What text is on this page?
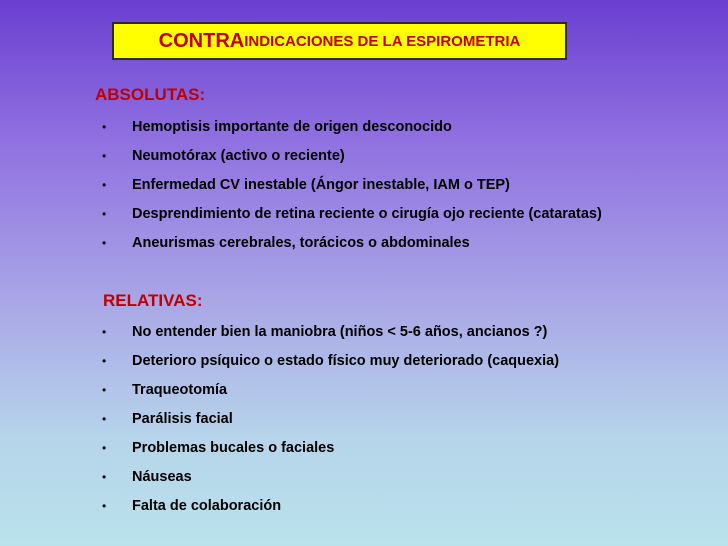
CONTRA INDICACIONES DE LA ESPIROMETRIA
ABSOLUTAS:
• Hemoptisis importante de origen desconocido
• Neumotórax (activo o reciente)
• Enfermedad CV inestable (Ángor inestable, IAM o TEP)
• Desprendimiento de retina reciente o cirugía ojo reciente (cataratas)
• Aneurismas cerebrales, torácicos o abdominales
RELATIVAS:
• No entender bien la maniobra (niños < 5-6 años, ancianos ?)
• Deterioro psíquico o estado físico muy deteriorado (caquexia)
• Traqueotomía
• Parálisis facial
• Problemas bucales o faciales
• Náuseas
• Falta de colaboración
